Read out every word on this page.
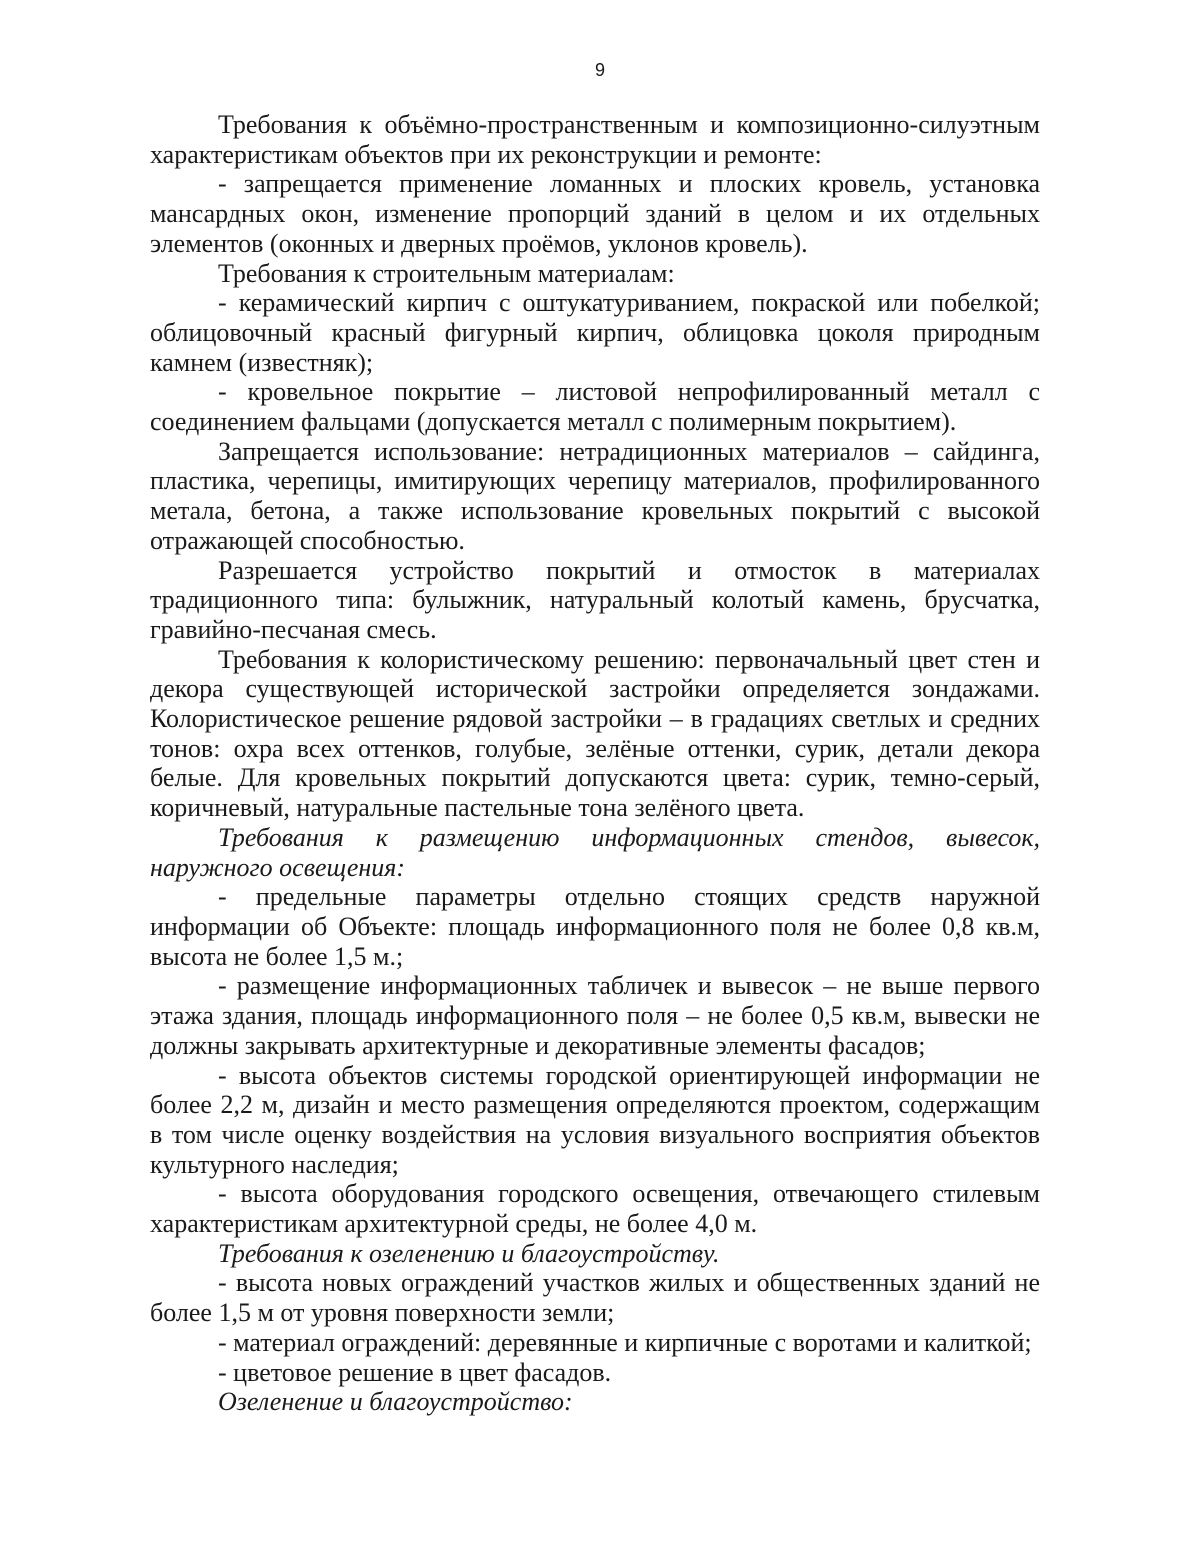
9

Требования к объёмно-пространственным и композиционно-силуэтным характеристикам объектов при их реконструкции и ремонте:

- запрещается применение ломанных и плоских кровель, установка мансардных окон, изменение пропорций зданий в целом и их отдельных элементов (оконных и дверных проёмов, уклонов кровель).

Требования к строительным материалам:

- керамический кирпич с оштукатуриванием, покраской или побелкой; облицовочный красный фигурный кирпич, облицовка цоколя природным камнем (известняк);

- кровельное покрытие – листовой непрофилированный металл с соединением фальцами (допускается металл с полимерным покрытием).

Запрещается использование: нетрадиционных материалов – сайдинга, пластика, черепицы, имитирующих черепицу материалов, профилированного метала, бетона, а также использование кровельных покрытий с высокой отражающей способностью.

Разрешается устройство покрытий и отмосток в материалах традиционного типа: булыжник, натуральный колотый камень, брусчатка, гравийно-песчаная смесь.

Требования к колористическому решению: первоначальный цвет стен и декора существующей исторической застройки определяется зондажами. Колористическое решение рядовой застройки – в градациях светлых и средних тонов: охра всех оттенков, голубые, зелёные оттенки, сурик, детали декора белые. Для кровельных покрытий допускаются цвета: сурик, темно-серый, коричневый, натуральные пастельные тона зелёного цвета.

Требования к размещению информационных стендов, вывесок, наружного освещения:

- предельные параметры отдельно стоящих средств наружной информации об Объекте: площадь информационного поля не более 0,8 кв.м, высота не более 1,5 м.;

- размещение информационных табличек и вывесок – не выше первого этажа здания, площадь информационного поля – не более 0,5 кв.м, вывески не должны закрывать архитектурные и декоративные элементы фасадов;

- высота объектов системы городской ориентирующей информации не более 2,2 м, дизайн и место размещения определяются проектом, содержащим в том числе оценку воздействия на условия визуального восприятия объектов культурного наследия;

- высота оборудования городского освещения, отвечающего стилевым характеристикам архитектурной среды, не более 4,0 м.

Требования к озеленению и благоустройству.

- высота новых ограждений участков жилых и общественных зданий не более 1,5 м от уровня поверхности земли;

- материал ограждений: деревянные и кирпичные с воротами и калиткой;

- цветовое решение в цвет фасадов.

Озеленение и благоустройство:
